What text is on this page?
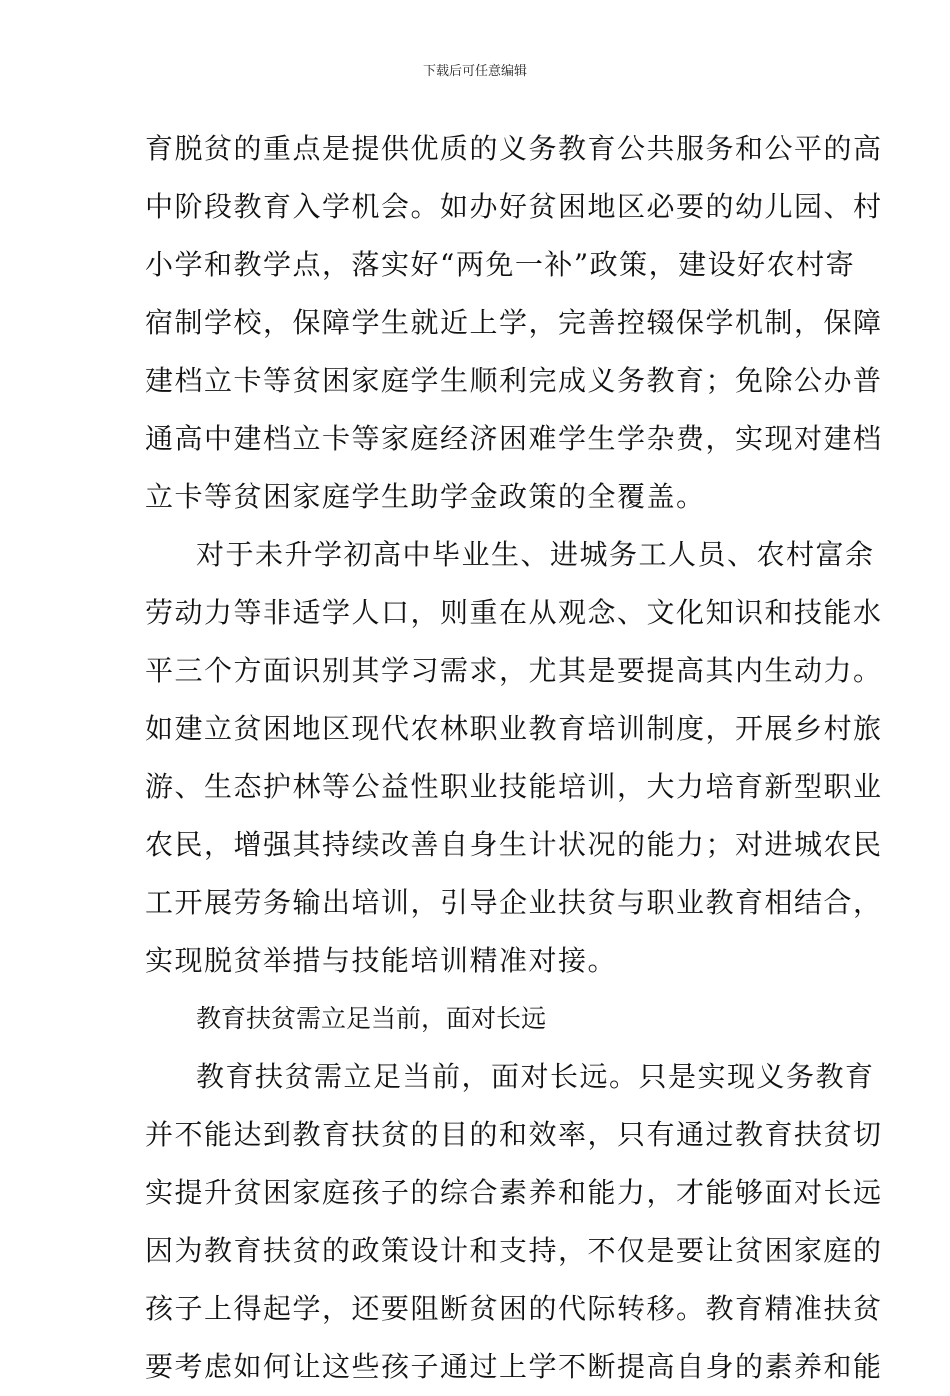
下载后可任意编辑
育脱贫的重点是提供优质的义务教育公共服务和公平的高
中阶段教育入学机会。如办好贫困地区必要的幼儿园、村
小学和教学点，落实好“两免一补”政策，建设好农村寄
宿制学校，保障学生就近上学，完善控辍保学机制，保障
建档立卡等贫困家庭学生顺利完成义务教育；免除公办普
通高中建档立卡等家庭经济困难学生学杂费，实现对建档
立卡等贫困家庭学生助学金政策的全覆盖。
对于未升学初高中毕业生、进城务工人员、农村富余
劳动力等非适学人口，则重在从观念、文化知识和技能水
平三个方面识别其学习需求，尤其是要提高其内生动力。
如建立贫困地区现代农林职业教育培训制度，开展乡村旅
游、生态护林等公益性职业技能培训，大力培育新型职业
农民，增强其持续改善自身生计状况的能力；对进城农民
工开展劳务输出培训，引导企业扶贫与职业教育相结合，
实现脱贫举措与技能培训精准对接。
教育扶贫需立足当前，面对长远
教育扶贫需立足当前，面对长远。只是实现义务教育
并不能达到教育扶贫的目的和效率，只有通过教育扶贫切
实提升贫困家庭孩子的综合素养和能力，才能够面对长远
因为教育扶贫的政策设计和支持，不仅是要让贫困家庭的
孩子上得起学，还要阻断贫困的代际转移。教育精准扶贫
要考虑如何让这些孩子通过上学不断提高自身的素养和能
